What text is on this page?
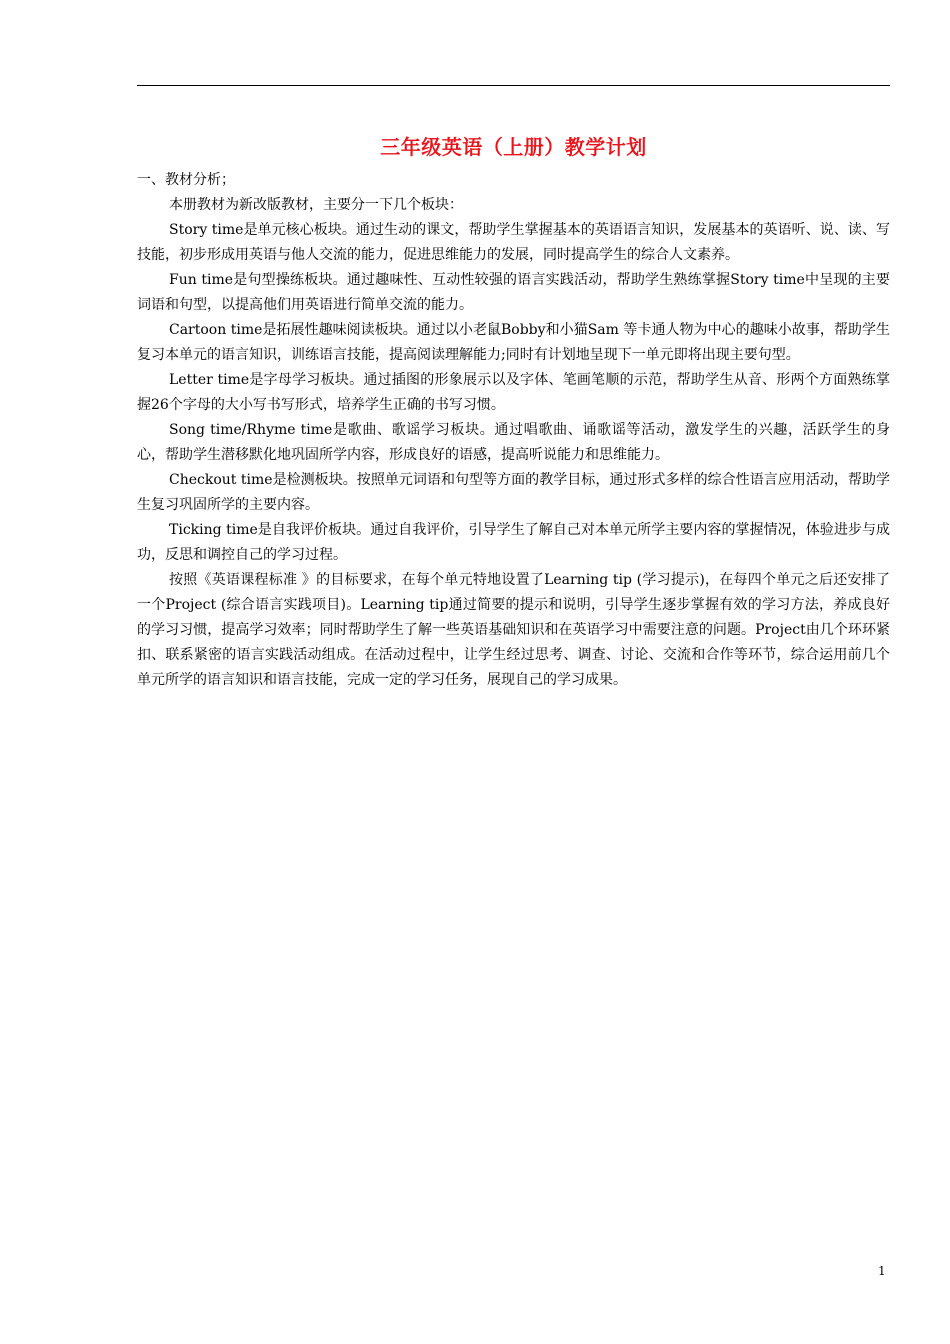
三年级英语（上册）教学计划

一、教材分析；

本册教材为新改版教材，主要分一下几个板块：

Story time是单元核心板块。通过生动的课文，帮助学生掌握基本的英语语言知识，发展基本的英语听、说、读、写技能，初步形成用英语与他人交流的能力，促进思维能力的发展，同时提高学生的综合人文素养。

Fun time是句型操练板块。通过趣味性、互动性较强的语言实践活动，帮助学生熟练掌握Story time中呈现的主要词语和句型，以提高他们用英语进行简单交流的能力。

Cartoon time是拓展性趣味阅读板块。通过以小老鼠Bobby和小猫Sam 等卡通人物为中心的趣味小故事，帮助学生复习本单元的语言知识，训练语言技能，提高阅读理解能力;同时有计划地呈现下一单元即将出现主要句型。

Letter time是字母学习板块。通过插图的形象展示以及字体、笔画笔顺的示范，帮助学生从音、形两个方面熟练掌握26个字母的大小写书写形式，培养学生正确的书写习惯。

Song time/Rhyme time是歌曲、歌谣学习板块。通过唱歌曲、诵歌谣等活动，激发学生的兴趣，活跃学生的身心，帮助学生潜移默化地巩固所学内容，形成良好的语感，提高听说能力和思维能力。

Checkout time是检测板块。按照单元词语和句型等方面的教学目标，通过形式多样的综合性语言应用活动，帮助学生复习巩固所学的主要内容。

Ticking time是自我评价板块。通过自我评价，引导学生了解自己对本单元所学主要内容的掌握情况，体验进步与成功，反思和调控自己的学习过程。

按照《英语课程标准 》的目标要求，在每个单元特地设置了Learning tip (学习提示)，在每四个单元之后还安排了一个Project (综合语言实践项目)。Learning tip通过简要的提示和说明，引导学生逐步掌握有效的学习方法，养成良好的学习习惯，提高学习效率；同时帮助学生了解一些英语基础知识和在英语学习中需要注意的问题。Project由几个环环紧扣、联系紧密的语言实践活动组成。在活动过程中，让学生经过思考、调查、讨论、交流和合作等环节，综合运用前几个单元所学的语言知识和语言技能，完成一定的学习任务，展现自己的学习成果。

1
